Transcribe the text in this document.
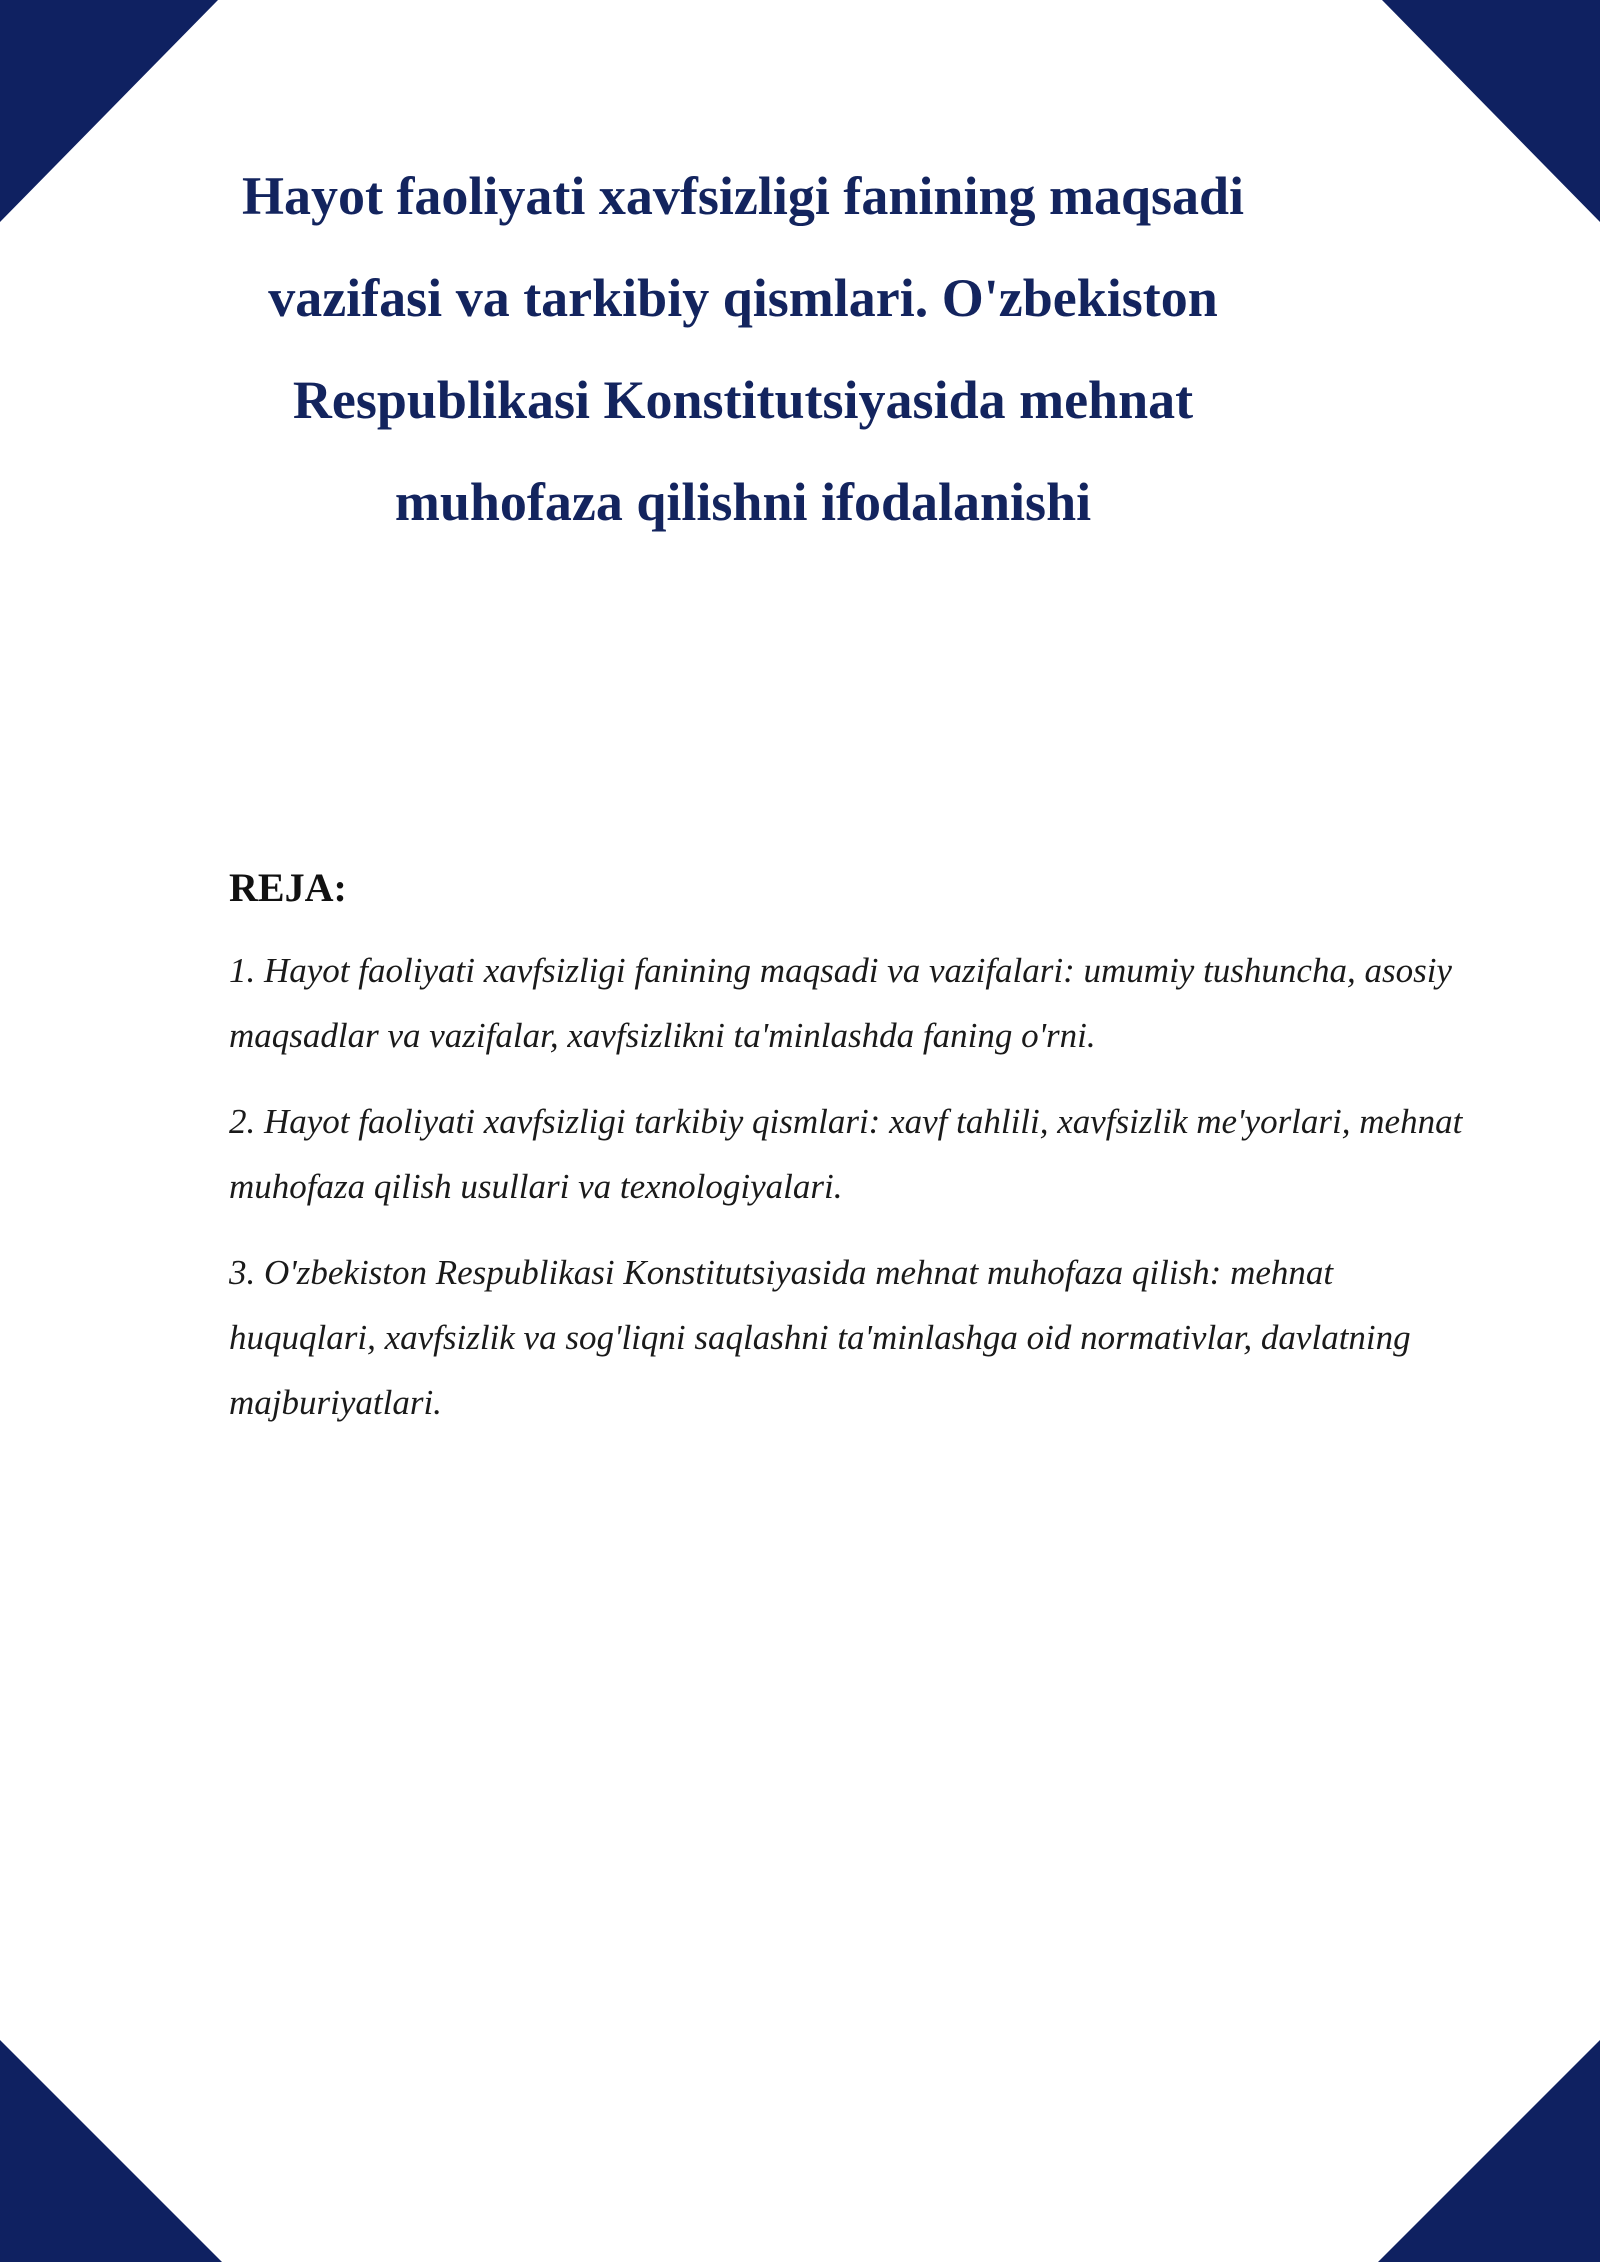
Hayot faoliyati xavfsizligi fanining maqsadi vazifasi va tarkibiy qismlari. O'zbekiston Respublikasi Konstitutsiyasida mehnat muhofaza qilishni ifodalanishi
REJA:

1. Hayot faoliyati xavfsizligi fanining maqsadi va vazifalari: umumiy tushuncha, asosiy maqsadlar va vazifalar, xavfsizlikni ta'minlashda faning o'rni.

2. Hayot faoliyati xavfsizligi tarkibiy qismlari: xavf tahlili, xavfsizlik me'yorlari, mehnat muhofaza qilish usullari va texnologiyalari.

3. O'zbekiston Respublikasi Konstitutsiyasida mehnat muhofaza qilish: mehnat huquqlari, xavfsizlik va sog'liqni saqlashni ta'minlashga oid normativlar, davlatning majburiyatlari.
